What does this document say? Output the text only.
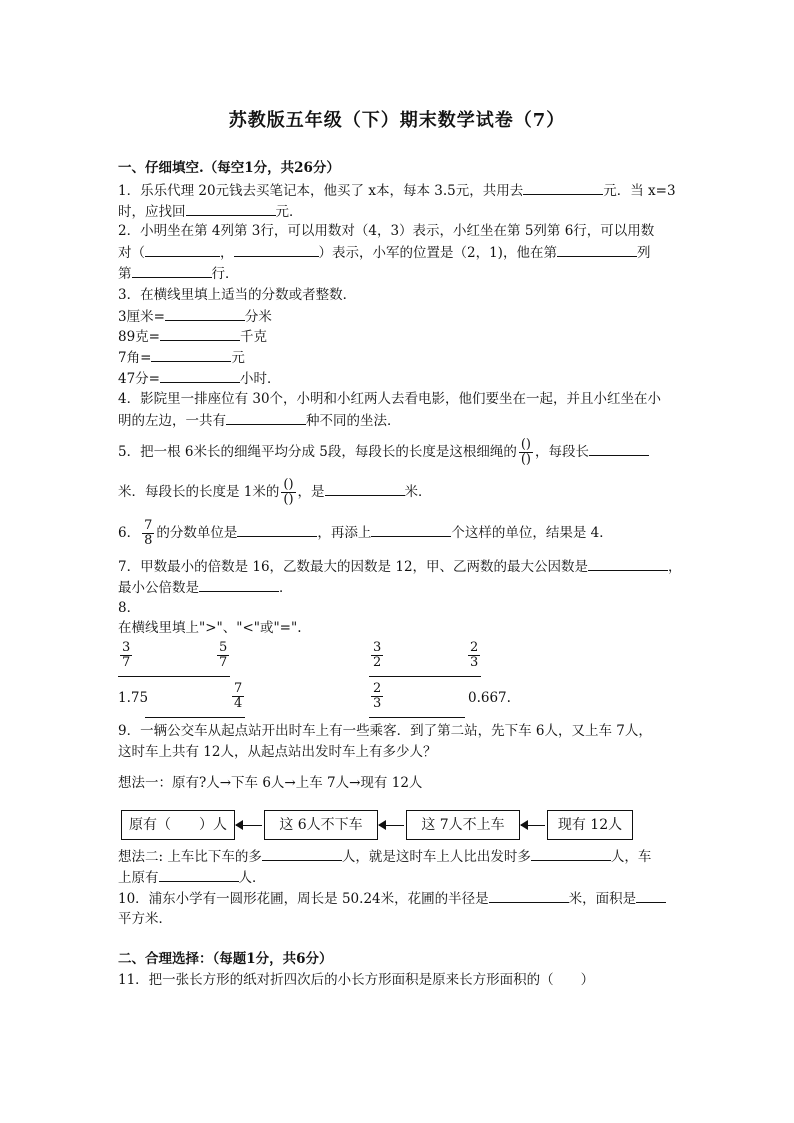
苏教版五年级（下）期末数学试卷（7）
一、仔细填空.（每空1分，共26分）
1．乐乐代理 20元钱去买笔记本，他买了 x本，每本 3.5元，共用去	元．当 x=3
时，应找回	元．
2．小明坐在第 4列第 3行，可以用数对（4，3）表示，小红坐在第 5列第 6行，可以用数
对（	，	）表示，小军的位置是（2，1)，他在第	列
第	行．
3．在横线里填上适当的分数或者整数．
3厘米=	分米
89克=	千克
7角=	元
47分=	小时．
4．影院里一排座位有 30个，小明和小红两人去看电影，他们要坐在一起，并且小红坐在小
明的左边，一共有	种不同的坐法．
5．把一根 6米长的细绳平均分成 5段，每段长的长度是这根细绳的 $\frac{()}{()}$ ，每段长
米．每段长的长度是 1米的 $\frac{()}{()}$ ，是	米．
6． $\frac{7}{8}$ 的分数单位是	，再添上	个这样的单位，结果是 4．
7．甲数最小的倍数是 16，乙数最大的因数是 12，甲、乙两数的最大公因数是	，
最小公倍数是	．
8．
在横线里填上">"、"<"或"=".
$\frac{3}{7}$	$\frac{5}{7}$	$\frac{3}{2}$	$\frac{2}{3}$
1.75	$\frac{7}{4}$	$\frac{2}{3}$	0.667.
9．一辆公交车从起点站开出时车上有一些乘客．到了第二站，先下车 6人，又上车 7人，
这时车上共有 12人，从起点站出发时车上有多少人？
想法一：原有?人→下车 6人→上车 7人→现有 12人
原有（　　）人	这 6人不下车	这 7人不上车	现有 12人
想法二: 上车比下车的多	人，就是这时车上人比出发时多	人，车
上原有	人．
10．浦东小学有一圆形花圃，周长是 50.24米，花圃的半径是	米，面积是
平方米．
二、合理选择：（每题1分，共6分）
11．把一张长方形的纸对折四次后的小长方形面积是原来长方形面积的（　　）
